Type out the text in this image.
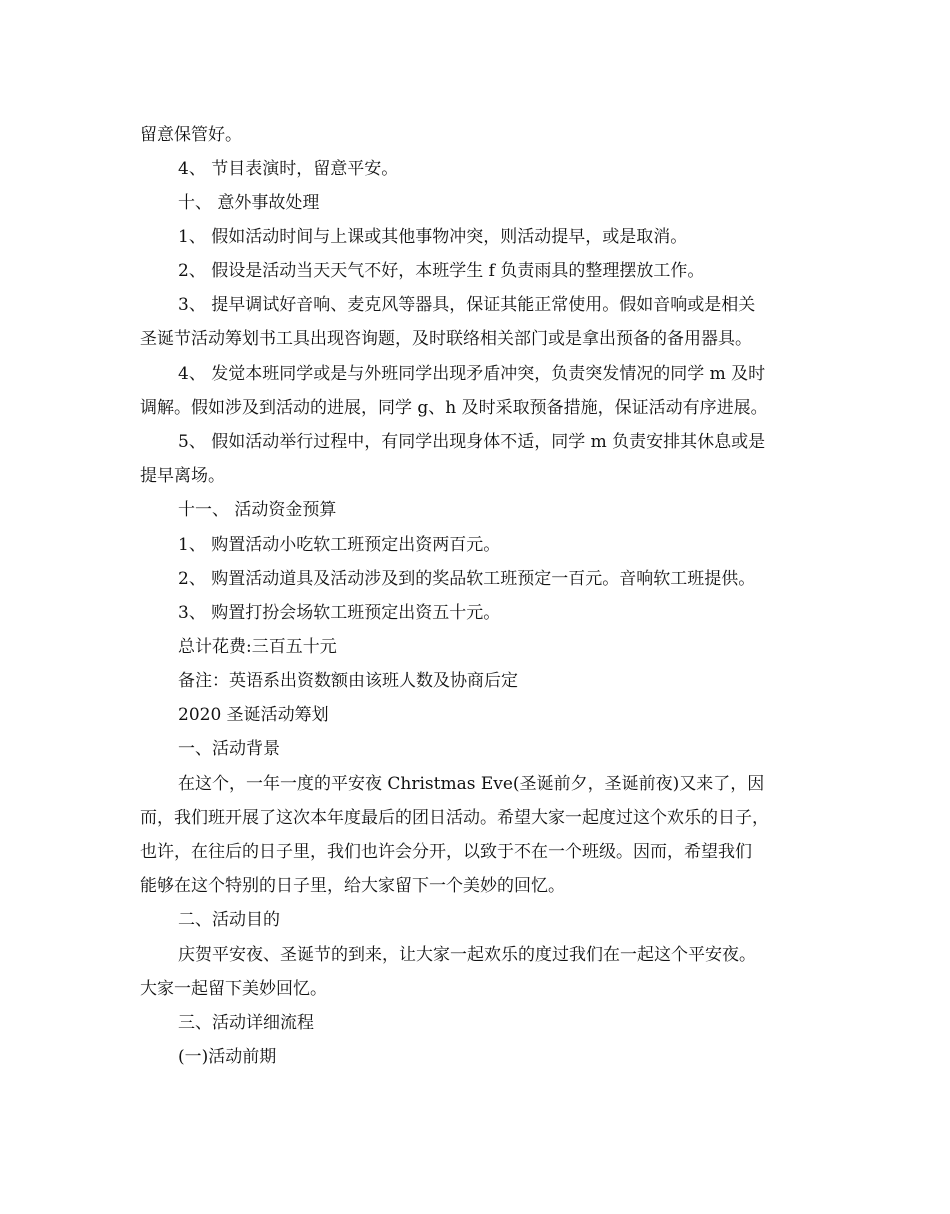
留意保管好。
4、 节目表演时，留意平安。
十、 意外事故处理
1、 假如活动时间与上课或其他事物冲突，则活动提早，或是取消。
2、 假设是活动当天天气不好，本班学生 f 负责雨具的整理摆放工作。
3、 提早调试好音响、麦克风等器具，保证其能正常使用。假如音响或是相关
圣诞节活动筹划书工具出现咨询题，及时联络相关部门或是拿出预备的备用器具。
4、 发觉本班同学或是与外班同学出现矛盾冲突，负责突发情况的同学 m 及时
调解。假如涉及到活动的进展，同学 g、h 及时采取预备措施，保证活动有序进展。
5、 假如活动举行过程中，有同学出现身体不适，同学 m 负责安排其休息或是
提早离场。
十一、 活动资金预算
1、 购置活动小吃软工班预定出资两百元。
2、 购置活动道具及活动涉及到的奖品软工班预定一百元。音响软工班提供。
3、 购置打扮会场软工班预定出资五十元。
总计花费:三百五十元
备注：英语系出资数额由该班人数及协商后定
2020 圣诞活动筹划
一、活动背景
在这个，一年一度的平安夜 Christmas Eve(圣诞前夕，圣诞前夜)又来了，因
而，我们班开展了这次本年度最后的团日活动。希望大家一起度过这个欢乐的日子，
也许，在往后的日子里，我们也许会分开，以致于不在一个班级。因而，希望我们
能够在这个特别的日子里，给大家留下一个美妙的回忆。
二、活动目的
庆贺平安夜、圣诞节的到来，让大家一起欢乐的度过我们在一起这个平安夜。
大家一起留下美妙回忆。
三、活动详细流程
(一)活动前期
